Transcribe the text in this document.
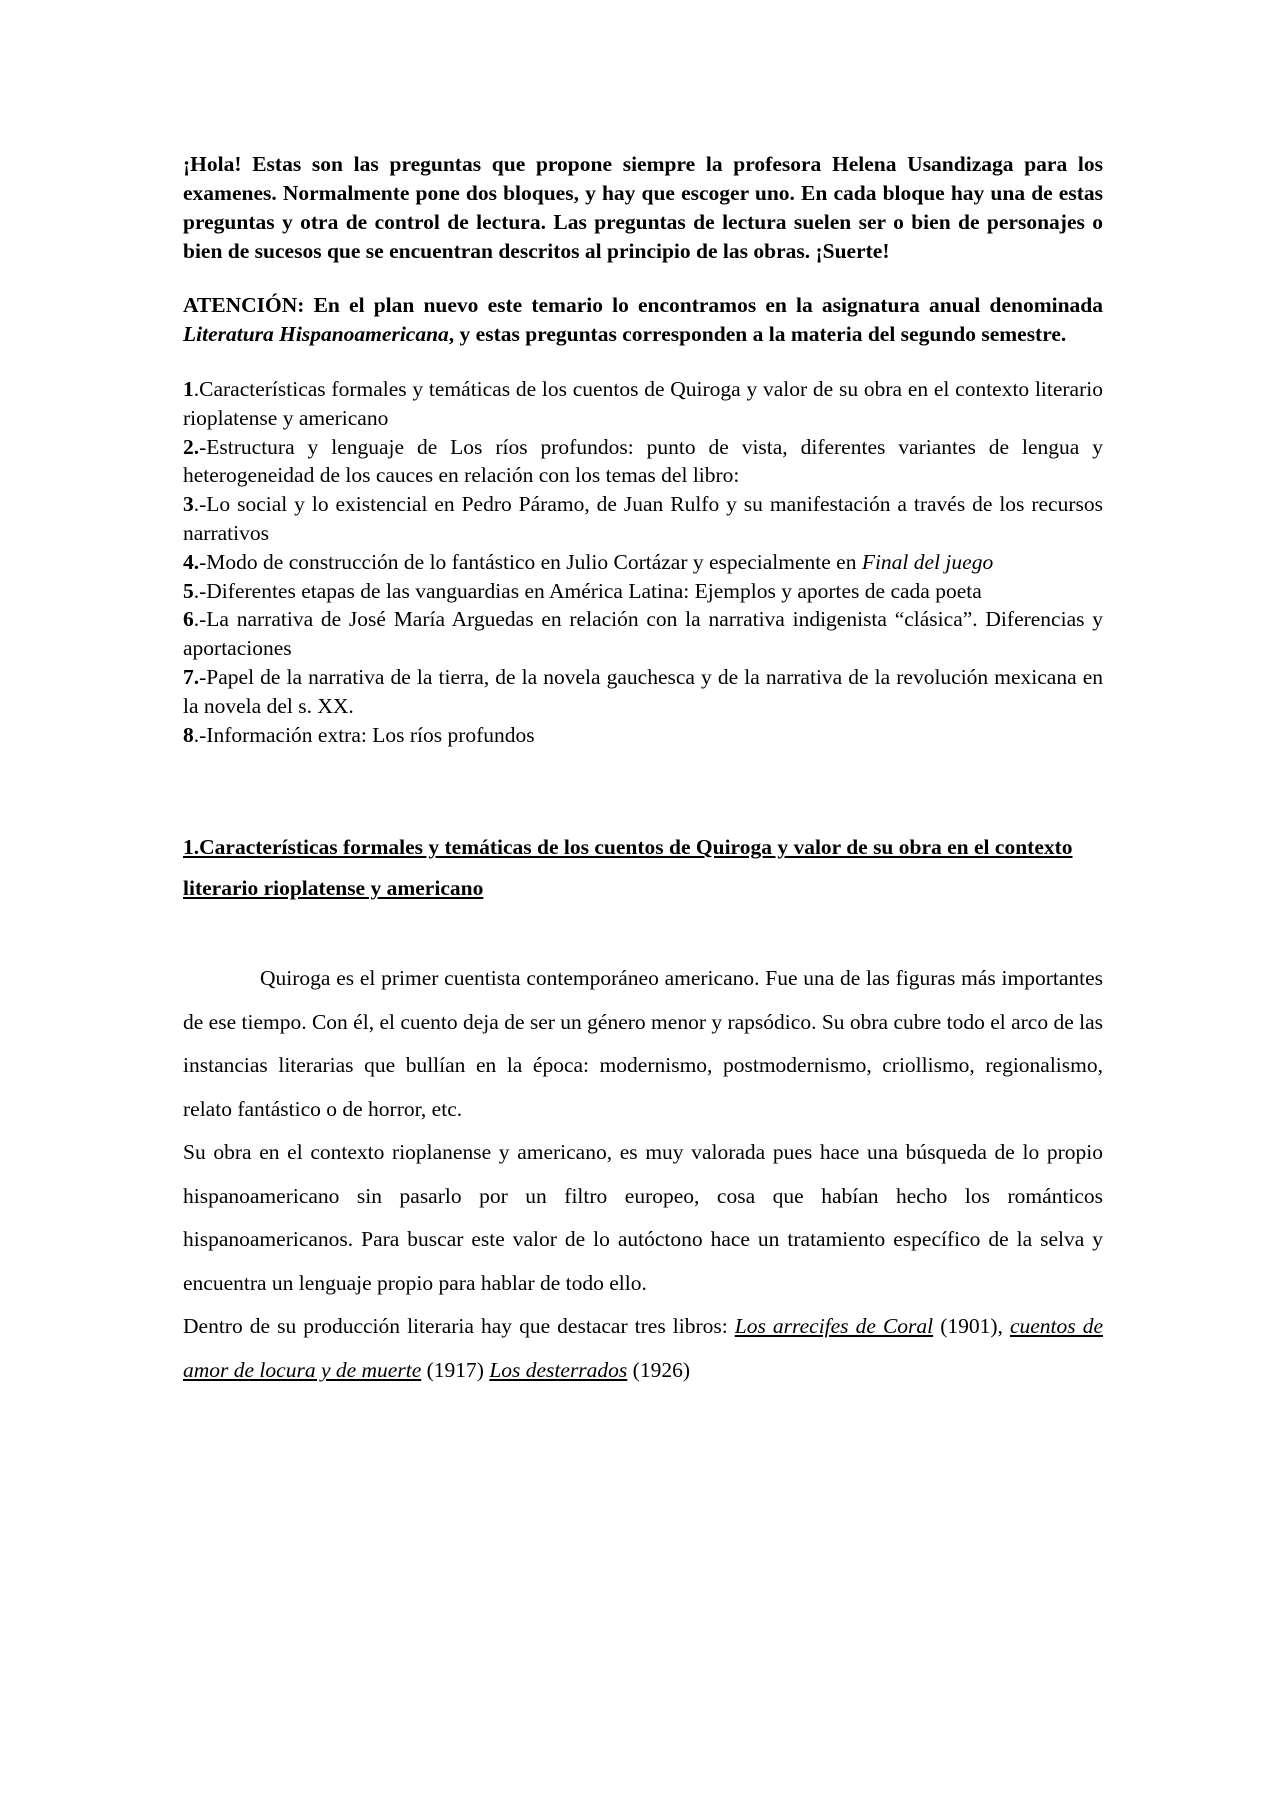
¡Hola! Estas son las preguntas que propone siempre la profesora Helena Usandizaga para los examenes. Normalmente pone dos bloques, y hay que escoger uno. En cada bloque hay una de estas preguntas y otra de control de lectura. Las preguntas de lectura suelen ser o bien de personajes o bien de sucesos que se encuentran descritos al principio de las obras. ¡Suerte!

ATENCIÓN: En el plan nuevo este temario lo encontramos en la asignatura anual denominada Literatura Hispanoamericana, y estas preguntas corresponden a la materia del segundo semestre.

1.Características formales y temáticas de los cuentos de Quiroga y valor de su obra en el contexto literario rioplatense y americano
2.-Estructura y lenguaje de Los ríos profundos: punto de vista, diferentes variantes de lengua y heterogeneidad de los cauces en relación con los temas del libro:
3.-Lo social y lo existencial en Pedro Páramo, de Juan Rulfo y su manifestación a través de los recursos narrativos
4.-Modo de construcción de lo fantástico en Julio Cortázar y especialmente en Final del juego
5.-Diferentes etapas de las vanguardias en América Latina: Ejemplos y aportes de cada poeta
6.-La narrativa de José María Arguedas en relación con la narrativa indigenista “clásica”. Diferencias y aportaciones
7.-Papel de la narrativa de la tierra, de la novela gauchesca y de la narrativa de la revolución mexicana en la novela del s. XX.
8.-Información extra: Los ríos profundos
1.Características formales y temáticas de los cuentos de Quiroga y valor de su obra en el contexto literario rioplatense y americano

Quiroga es el primer cuentista contemporáneo americano. Fue una de las figuras más importantes de ese tiempo. Con él, el cuento deja de ser un género menor y rapsódico. Su obra cubre todo el arco de las instancias literarias que bullían en la época: modernismo, postmodernismo, criollismo, regionalismo, relato fantástico o de horror, etc.

Su obra en el contexto rioplanense y americano, es muy valorada pues hace una búsqueda de lo propio hispanoamericano sin pasarlo por un filtro europeo, cosa que habían hecho los románticos hispanoamericanos. Para buscar este valor de lo autóctono hace un tratamiento específico de la selva y encuentra un lenguaje propio para hablar de todo ello.

Dentro de su producción literaria hay que destacar tres libros: Los arrecifes de Coral (1901), cuentos de amor de locura y de muerte (1917) Los desterrados (1926)
